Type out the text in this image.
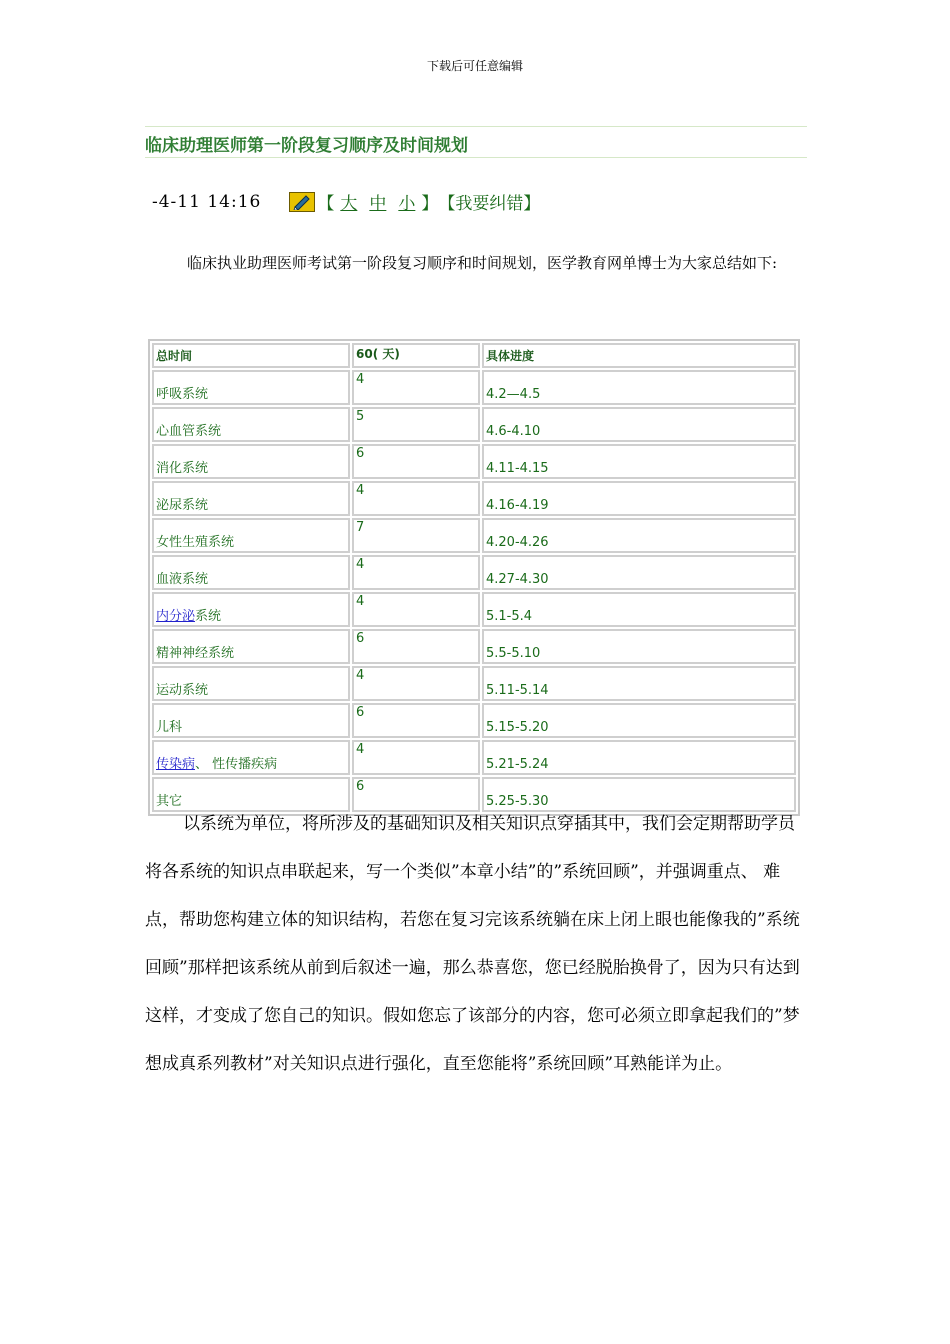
下载后可任意编辑
临床助理医师第一阶段复习顺序及时间规划
-4-11 14:16	【 大 中 小 】 【我要纠错】

临床执业助理医师考试第一阶段复习顺序和时间规划，医学教育网单博士为大家总结如下:

总时间	60( 天)	具体进度
呼吸系统	4	4.2—4.5
心血管系统	5	4.6-4.10
消化系统	6	4.11-4.15
泌尿系统	4	4.16-4.19
女性生殖系统	7	4.20-4.26
血液系统	4	4.27-4.30
内分泌系统	4	5.1-5.4
精神神经系统	6	5.5-5.10
运动系统	4	5.11-5.14
儿科	6	5.15-5.20
传染病、 性传播疾病	4	5.21-5.24
其它	6	5.25-5.30

以系统为单位，将所涉及的基础知识及相关知识点穿插其中，我们会定期帮助学员将各系统的知识点串联起来，写一个类似”本章小结”的”系统回顾”，并强调重点、 难点，帮助您构建立体的知识结构，若您在复习完该系统躺在床上闭上眼也能像我的”系统回顾”那样把该系统从前到后叙述一遍，那么恭喜您，您已经脱胎换骨了，因为只有达到这样，才变成了您自己的知识。假如您忘了该部分的内容，您可必须立即拿起我们的”梦想成真系列教材”对关知识点进行强化，直至您能将”系统回顾”耳熟能详为止。
